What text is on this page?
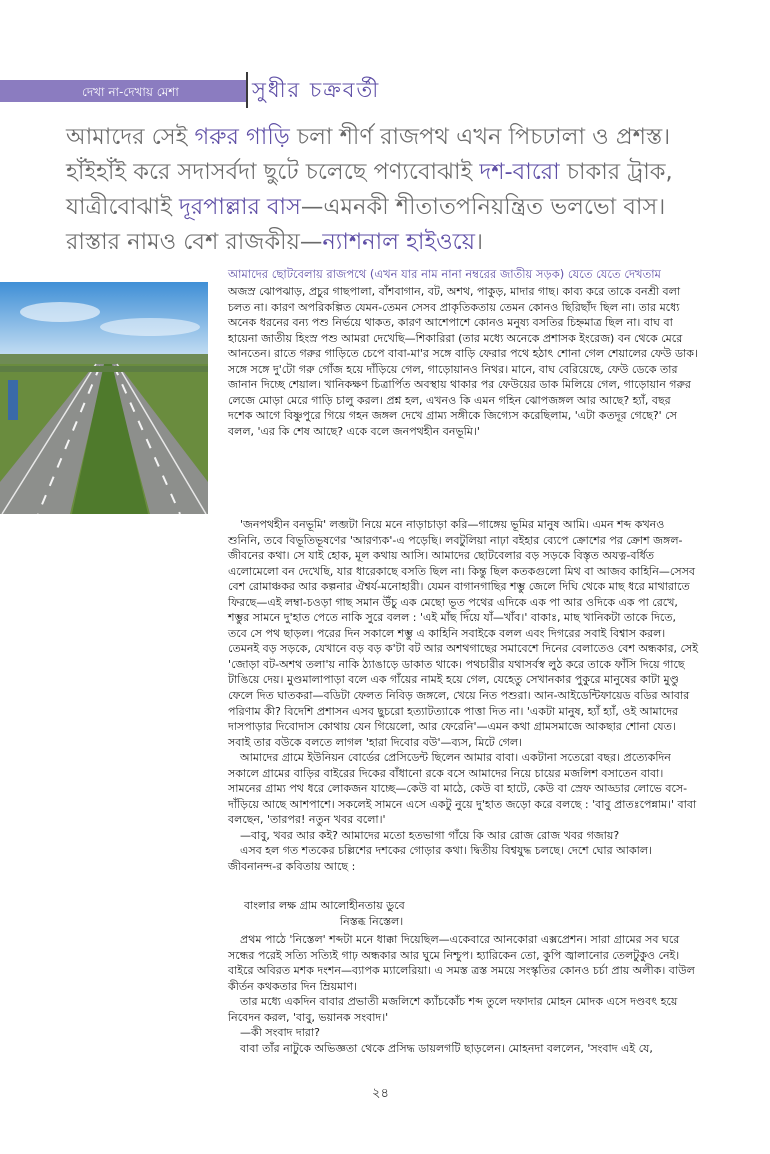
দেখা না-দেখায় মেশা	সুধীর চক্রবর্তী

আমাদের সেই গরুর গাড়ি চলা শীর্ণ রাজপথ এখন পিচঢালা ও প্রশস্ত।

হাঁইহাঁই করে সদাসর্বদা ছুটে চলেছে পণ্যবোঝাই দশ-বারো চাকার ট্রাক,

যাত্রীবোঝাই দূরপাল্লার বাস—এমনকী শীতাতপনিয়ন্ত্রিত ভলভো বাস।

রাস্তার নামও বেশ রাজকীয়—ন্যাশনাল হাইওয়ে।

আমাদের ছোটবেলায় রাজপথে (এখন যার নাম নানা নম্বরের জাতীয় সড়ক) যেতে যেতে দেখতাম

অজস্র ঝোপঝাড়, প্রচুর গাছপালা, বাঁশবাগান, বট, অশথ, পাকুড়, মাদার গাছ। কাব্য করে তাকে বনশ্রী বলা চলত না। কারণ অপরিকল্পিত যেমন-তেমন সেসব প্রাকৃতিকতায় তেমন কোনও ছিরিছাঁদ ছিল না। তার মধ্যে অনেক ধরনের বন্য পশু নির্ভয়ে থাকত, কারণ আশেপাশে কোনও মনুষ্য বসতির চিহ্নমাত্র ছিল না। বাঘ বা হায়েনা জাতীয় হিংস্র পশু আমরা দেখেছি—শিকারিরা (তার মধ্যে অনেকে প্রশাসক ইংরেজ) বন থেকে মেরে আনতেন। রাতে গরুর গাড়িতে চেপে বাবা-মা'র সঙ্গে বাড়ি ফেরার পথে হঠাৎ শোনা গেল শেয়ালের ফেউ ডাক। সঙ্গে সঙ্গে দু'টো গরু গোঁজ হয়ে দাঁড়িয়ে গেল, গাড়োয়ানও নিথর। মানে, বাঘ বেরিয়েছে, ফেউ ডেকে তার জানান দিচ্ছে শেয়াল। খানিকক্ষণ চিত্রার্পিত অবস্থায় থাকার পর ফেউয়ের ডাক মিলিয়ে গেল, গাড়োয়ান গরুর লেজে মোড়া মেরে গাড়ি চালু করল। প্রশ্ন হল, এখনও কি এমন গহিন ঝোপজঙ্গল আর আছে? হ্যাঁ, বছর দশেক আগে বিষ্ণুপুরে গিয়ে গহন জঙ্গল দেখে গ্রাম্য সঙ্গীকে জিগ্যেস করেছিলাম, 'এটা কতদূর গেছে?' সে বলল, 'এর কি শেষ আছে? একে বলে জনপথহীন বনভূমি।'

'জনপথহীন বনভূমি' লব্জটা নিয়ে মনে নাড়াচাড়া করি—গাঙ্গেয় ভূমির মানুষ আমি। এমন শব্দ কখনও শুনিনি, তবে বিভূতিভূষণের 'আরণ্যক'-এ পড়েছি। লবটুলিয়া নাঢ়া বইহার ব্যেপে ক্রোশের পর ক্রোশ জঙ্গল-জীবনের কথা। সে যাই হোক, মূল কথায় আসি। আমাদের ছোটবেলার বড় সড়কে বিস্তৃত অযত্ন-বর্ধিত এলোমেলো বন দেখেছি, যার ধারেকাছে বসতি ছিল না। কিন্তু ছিল কতকগুলো মিথ বা আজব কাহিনি—সেসব বেশ রোমাঞ্চকর আর কল্পনার ঐশ্বর্য-মনোহারী। যেমন বাগানগাছির শম্ভু জেলে দিঘি থেকে মাছ ধরে মাথারাতে ফিরছে—এই লম্বা-চওড়া গাছ সমান উঁচু এক মেছো ভূত পথের এদিকে এক পা আর ওদিকে এক পা রেখে, শম্ভুর সামনে দু'হাত পেতে নাকি সুরে বলল : 'এই মাঁছ দিঁয়ে যাঁ—খাঁব।' বাকাঃ, মাছ খানিকটা তাকে দিতে, তবে সে পথ ছাড়ল। পরের দিন সকালে শম্ভু এ কাহিনি সবাইকে বলল এবং দিগরের সবাই বিশ্বাস করল। তেমনই বড় সড়কে, যেখানে বড় বড় ক'টা বট আর অশথগাছের সমাবেশে দিনের বেলাতেও বেশ অন্ধকার, সেই 'জোড়া বট-অশথ তলা'য় নাকি ঠ্যাঙাড়ে ডাকাত থাকে। পথচারীর যথাসর্বস্ব লুঠ করে তাকে ফাঁসি দিয়ে গাছে টাঙিয়ে দেয়। মুণ্ডমালাপাড়া বলে এক গাঁয়ের নামই হয়ে গেল, যেহেতু সেখানকার পুকুরে মানুষের কাটা মুণ্ডু ফেলে দিত ঘাতকরা—বডিটা ফেলত নিবিড় জঙ্গলে, খেয়ে নিত পশুরা। আন-আইডেন্টিফায়েড বডির আবার পরিণাম কী? বিদেশি প্রশাসন এসব ছুচরো হত্যাটত্যাকে পাত্তা দিত না। 'একটা মানুষ, হ্যাঁ হ্যাঁ, ওই আমাদের দাসপাড়ার দিবোদাস কোথায় যেন গিয়েলো, আর ফেরেনি'—এমন কথা গ্রামসমাজে আকছার শোনা যেত। সবাই তার বউকে বলতে লাগল 'হারা দিবোর বউ'—ব্যস, মিটে গেল।

আমাদের গ্রামে ইউনিয়ন বোর্ডের প্রেসিডেন্ট ছিলেন আমার বাবা। একটানা সতেরো বছর। প্রত্যেকদিন সকালে গ্রামের বাড়ির বাইরের দিকের বাঁধানো রকে বসে আমাদের নিয়ে চায়ের মজলিশ বসাতেন বাবা। সামনের গ্রাম্য পথ ধরে লোকজন যাচ্ছে—কেউ বা মাঠে, কেউ বা হাটে, কেউ বা স্রেফ আড্ডার লোভে বসে-দাঁড়িয়ে আছে আশপাশে। সকলেই সামনে এসে একটু নুয়ে দু'হাত জড়ো করে বলছে : 'বাবু প্রাতঃপেন্নাম।' বাবা বলছেন, 'তারপর! নতুন খবর বলো।'

—বাবু, খবর আর কই? আমাদের মতো হতভাগা গাঁয়ে কি আর রোজ রোজ খবর গজায়?

এসব হল গত শতকের চল্লিশের দশকের গোড়ার কথা। দ্বিতীয় বিশ্বযুদ্ধ চলছে। দেশে ঘোর আকাল। জীবনানন্দ-র কবিতায় আছে :

বাংলার লক্ষ গ্রাম আলোহীনতায় ডুবে
নিস্তব্ধ নিস্তেল।

প্রথম পাঠে 'নিস্তেল' শব্দটা মনে ধাক্কা দিয়েছিল—একেবারে আনকোরা এক্সপ্রেশন। সারা গ্রামের সব ঘরে সন্ধের পরেই সত্যি সত্যিই গাঢ় অন্ধকার আর ঘুমে নিশ্চুপ। হ্যারিকেন তো, কুপি জ্বালানোর তেলটুকুও নেই। বাইরে অবিরত মশক দংশন—ব্যাপক ম্যালেরিয়া। এ সমস্ত ত্রস্ত সময়ে সংস্কৃতির কোনও চর্চা প্রায় অলীক। বাউল কীর্তন কথকতার দিন ম্রিয়মাণ।

তার মধ্যে একদিন বাবার প্রভাতী মজলিশে ক্যাঁচকোঁচ শব্দ তুলে দফাদার মোহন মোদক এসে দণ্ডবৎ হয়ে নিবেদন করল, 'বাবু, ভয়ানক সংবাদ।'

—কী সংবাদ দারা?

বাবা তাঁর নাটুকে অভিজ্ঞতা থেকে প্রসিদ্ধ ডায়লগটি ছাড়লেন। মোহনদা বললেন, 'সংবাদ এই যে,

২৪
